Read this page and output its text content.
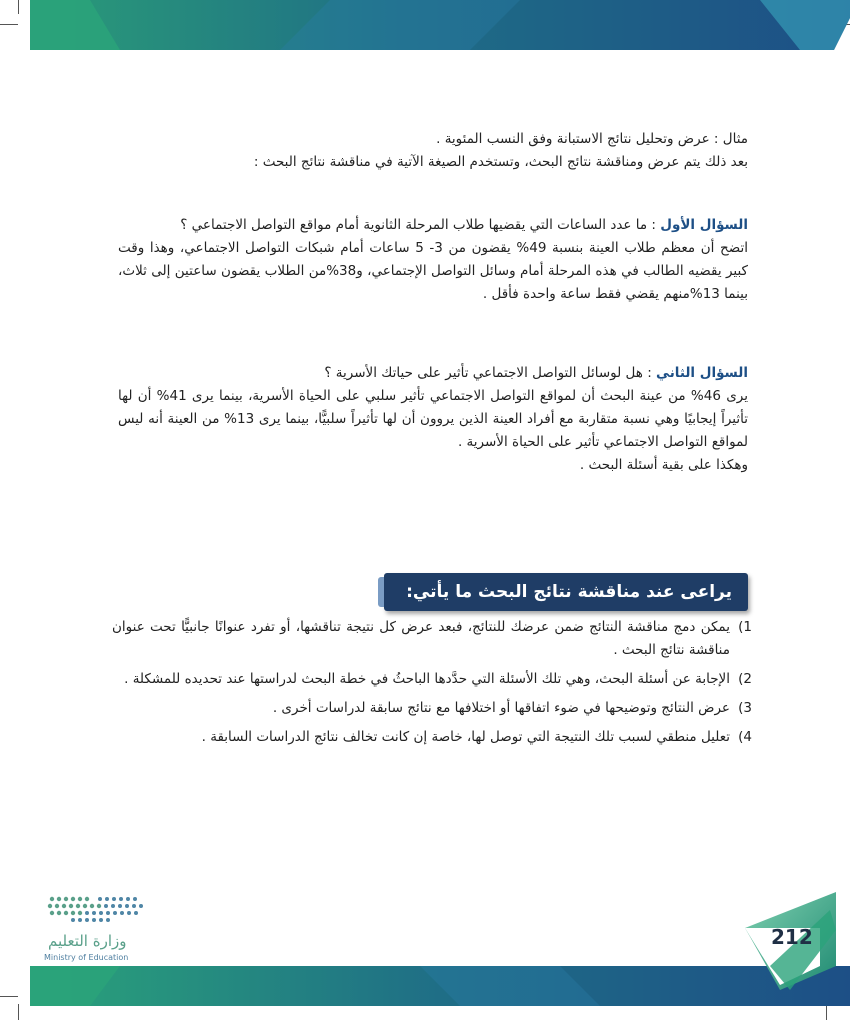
مثال : عرض وتحليل نتائج الاستبانة وفق النسب المئوية .

بعد ذلك يتم عرض ومناقشة نتائج البحث، وتستخدم الصيغة الآتية في مناقشة نتائج البحث :

السؤال الأول : ما عدد الساعات التي يقضيها طلاب المرحلة الثانوية أمام مواقع التواصل الاجتماعي ؟

اتضح أن معظم طلاب العينة بنسبة 49% يقضون من 3- 5 ساعات أمام شبكات التواصل الاجتماعي، وهذا وقت كبير يقضيه الطالب في هذه المرحلة أمام وسائل التواصل الإجتماعي، و38%من الطلاب يقضون ساعتين إلى ثلاث، بينما 13%منهم يقضي فقط ساعة واحدة فأقل .

السؤال الثاني : هل لوسائل التواصل الاجتماعي تأثير على حياتك الأسرية ؟

يرى 46% من عينة البحث أن لمواقع التواصل الاجتماعي تأثير سلبي على الحياة الأسرية، بينما يرى 41% أن لها تأثيراً إيجابيًا وهي نسبة متقاربة مع أفراد العينة الذين يروون أن لها تأثيراً سلبيًّا، بينما يرى 13% من العينة أنه ليس لمواقع التواصل الاجتماعي تأثير على الحياة الأسرية .

وهكذا على بقية أسئلة البحث .

يراعى عند مناقشة نتائج البحث ما يأتي:
1)
يمكن دمج مناقشة النتائج ضمن عرضك للنتائج، فبعد عرض كل نتيجة تناقشها، أو تفرد عنوانًا جانبيًّا تحت عنوان مناقشة نتائج البحث .
2)
الإجابة عن أسئلة البحث، وهي تلك الأسئلة التي حدَّدها الباحثُ في خطة البحث لدراستها عند تحديده للمشكلة .
3)
عرض النتائج وتوضيحها في ضوء اتفاقها أو اختلافها مع نتائج سابقة لدراسات أخرى .
4)
تعليل منطقي لسبب تلك النتيجة التي توصل لها، خاصة إن كانت تخالف نتائج الدراسات السابقة .
وزارة التعليم
Ministry of Education
212
